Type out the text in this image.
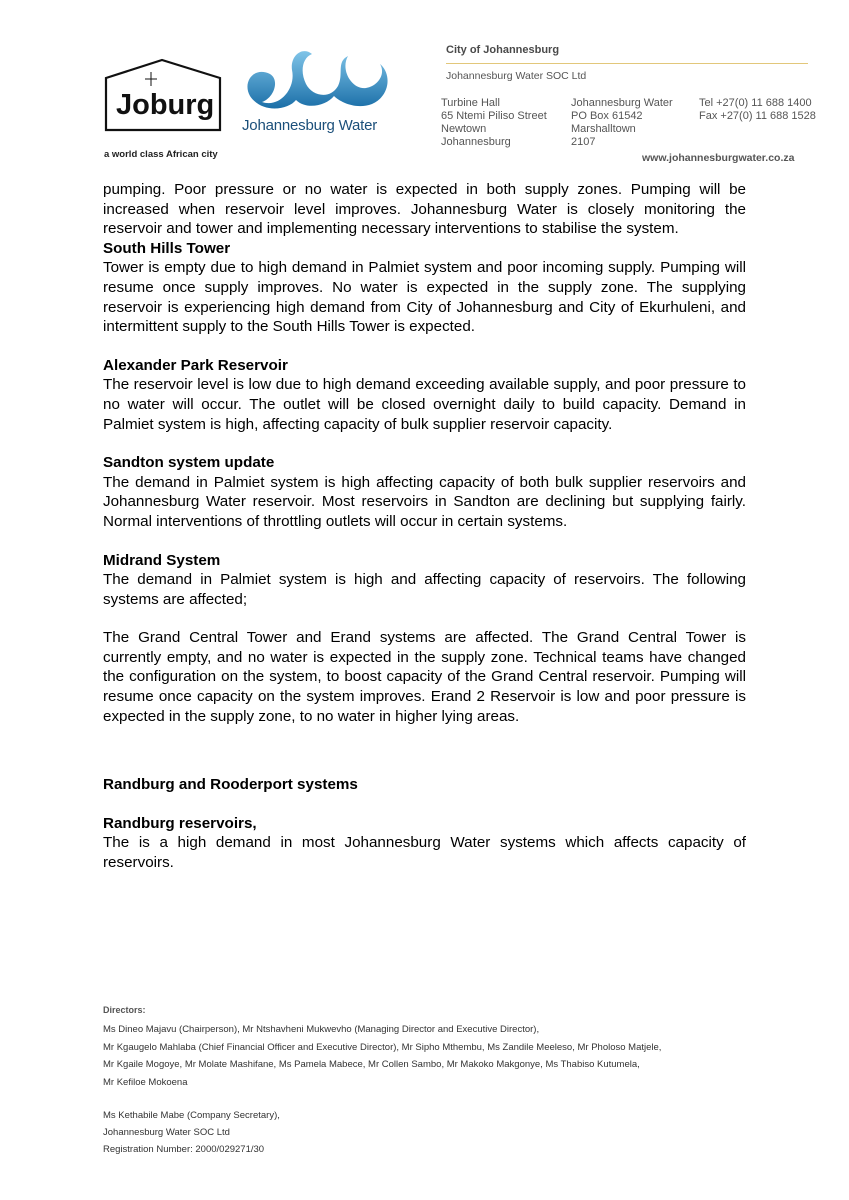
Joburg
a world class African city
Johannesburg Water
City of Johannesburg
Johannesburg Water SOC Ltd
Turbine Hall
65 Ntemi Piliso Street
Newtown
Johannesburg
Johannesburg Water
PO Box 61542
Marshalltown
2107
Tel +27(0) 11 688 1400
Fax +27(0) 11 688 1528
www.johannesburgwater.co.za

pumping. Poor pressure or no water is expected in both supply zones. Pumping will be increased when reservoir level improves. Johannesburg Water is closely monitoring the reservoir and tower and implementing necessary interventions to stabilise the system.

South Hills Tower

Tower is empty due to high demand in Palmiet system and poor incoming supply. Pumping will resume once supply improves. No water is expected in the supply zone. The supplying reservoir is experiencing high demand from City of Johannesburg and City of Ekurhuleni, and intermittent supply to the South Hills Tower is expected.

Alexander Park Reservoir

The reservoir level is low due to high demand exceeding available supply, and poor pressure to no water will occur. The outlet will be closed overnight daily to build capacity. Demand in Palmiet system is high, affecting capacity of bulk supplier reservoir capacity.

Sandton system update

The demand in Palmiet system is high affecting capacity of both bulk supplier reservoirs and Johannesburg Water reservoir. Most reservoirs in Sandton are declining but supplying fairly. Normal interventions of throttling outlets will occur in certain systems.

Midrand System

The demand in Palmiet system is high and affecting capacity of reservoirs. The following systems are affected;

The Grand Central Tower and Erand systems are affected. The Grand Central Tower is currently empty, and no water is expected in the supply zone. Technical teams have changed the configuration on the system, to boost capacity of the Grand Central reservoir. Pumping will resume once capacity on the system improves. Erand 2 Reservoir is low and poor pressure is expected in the supply zone, to no water in higher lying areas.

Randburg and Rooderport systems
Randburg reservoirs,

The is a high demand in most Johannesburg Water systems which affects capacity of reservoirs.

Directors:
Ms Dineo Majavu (Chairperson), Mr Ntshavheni Mukwevho (Managing Director and Executive Director),
Mr Kgaugelo Mahlaba (Chief Financial Officer and Executive Director), Mr Sipho Mthembu, Ms Zandile Meeleso, Mr Pholoso Matjele,
Mr Kgaile Mogoye, Mr Molate Mashifane, Ms Pamela Mabece, Mr Collen Sambo, Mr Makoko Makgonye, Ms Thabiso Kutumela,
Mr Kefiloe Mokoena
Ms Kethabile Mabe (Company Secretary),
Johannesburg Water SOC Ltd
Registration Number: 2000/029271/30
